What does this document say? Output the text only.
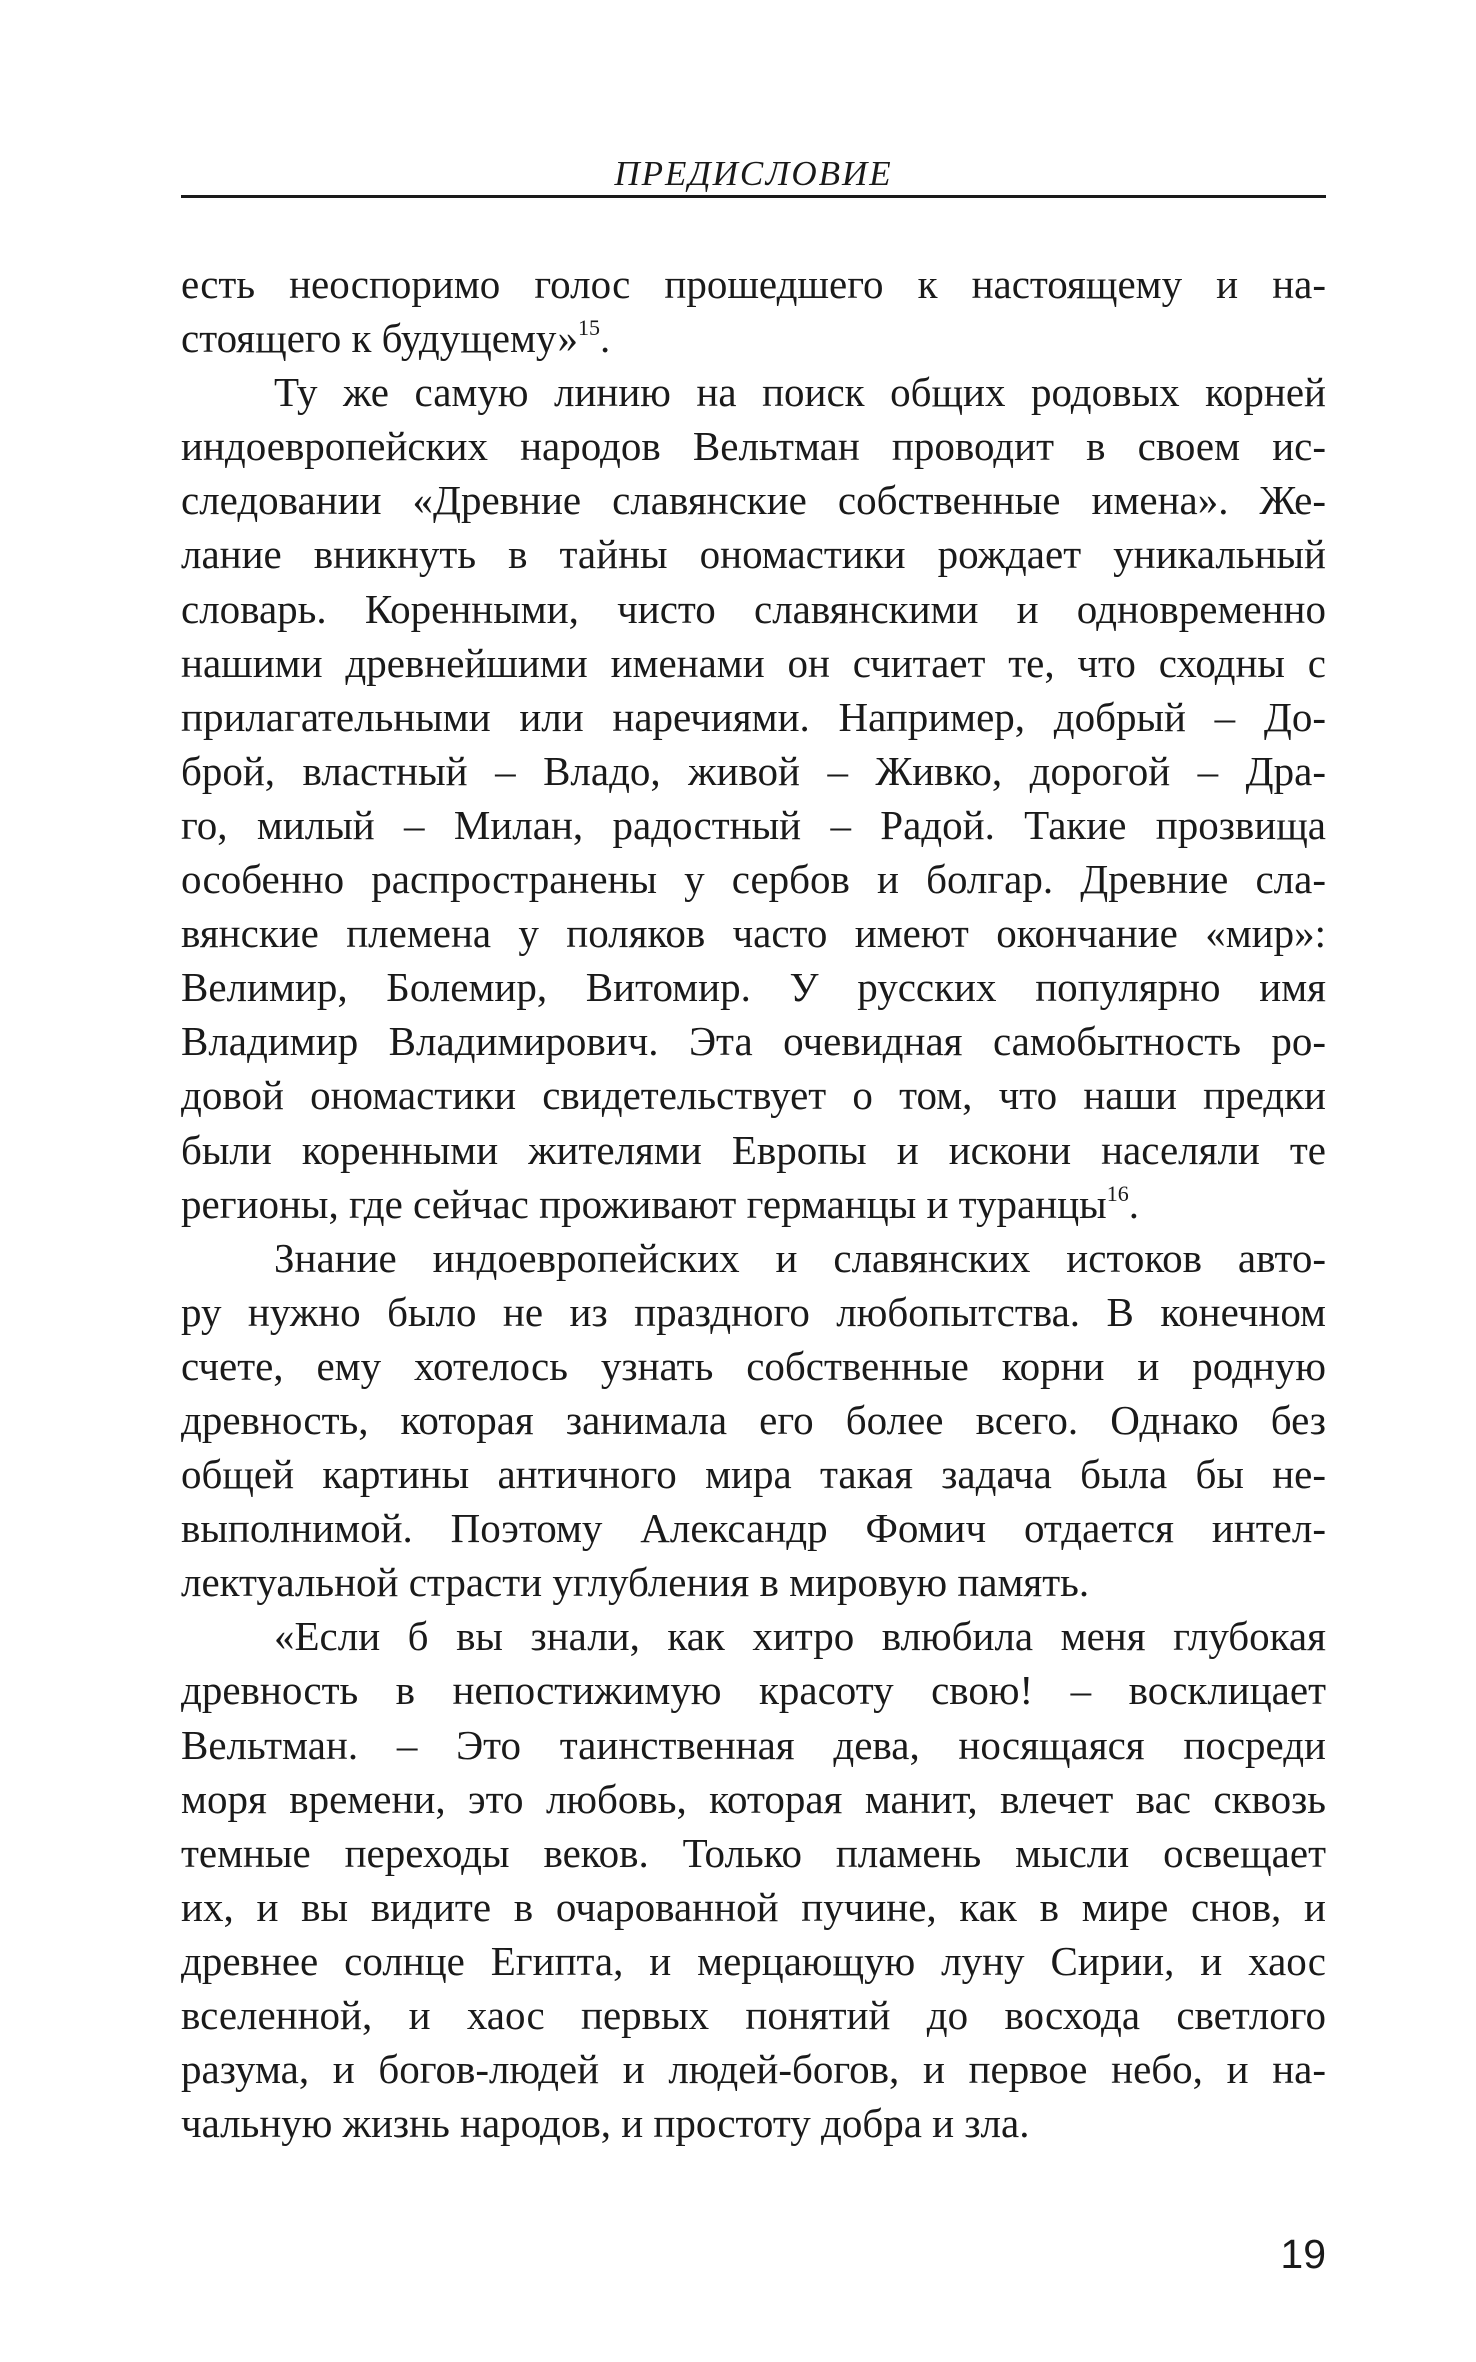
ПРЕДИСЛОВИЕ
есть неоспоримо голос прошедшего к настоящему и на-
стоящего к будущему»$^{15}$.
Ту же самую линию на поиск общих родовых корней
индоевропейских народов Вельтман проводит в своем ис-
следовании «Древние славянские собственные имена». Же-
лание вникнуть в тайны ономастики рождает уникальный
словарь. Коренными, чисто славянскими и одновременно
нашими древнейшими именами он считает те, что сходны с
прилагательными или наречиями. Например, добрый – До-
брой, властный – Владо, живой – Живко, дорогой – Дра-
го, милый – Милан, радостный – Радой. Такие прозвища
особенно распространены у сербов и болгар. Древние сла-
вянские племена у поляков часто имеют окончание «мир»:
Велимир, Болемир, Витомир. У русских популярно имя
Владимир Владимирович. Эта очевидная самобытность ро-
довой ономастики свидетельствует о том, что наши предки
были коренными жителями Европы и искони населяли те
регионы, где сейчас проживают германцы и туранцы$^{16}$.
Знание индоевропейских и славянских истоков авто-
ру нужно было не из праздного любопытства. В конечном
счете, ему хотелось узнать собственные корни и родную
древность, которая занимала его более всего. Однако без
общей картины античного мира такая задача была бы не-
выполнимой. Поэтому Александр Фомич отдается интел-
лектуальной страсти углубления в мировую память.
«Если б вы знали, как хитро влюбила меня глубокая
древность в непостижимую красоту свою! – восклицает
Вельтман. – Это таинственная дева, носящаяся посреди
моря времени, это любовь, которая манит, влечет вас сквозь
темные переходы веков. Только пламень мысли освещает
их, и вы видите в очарованной пучине, как в мире снов, и
древнее солнце Египта, и мерцающую луну Сирии, и хаос
вселенной, и хаос первых понятий до восхода светлого
разума, и богов-людей и людей-богов, и первое небо, и на-
чальную жизнь народов, и простоту добра и зла.
19
